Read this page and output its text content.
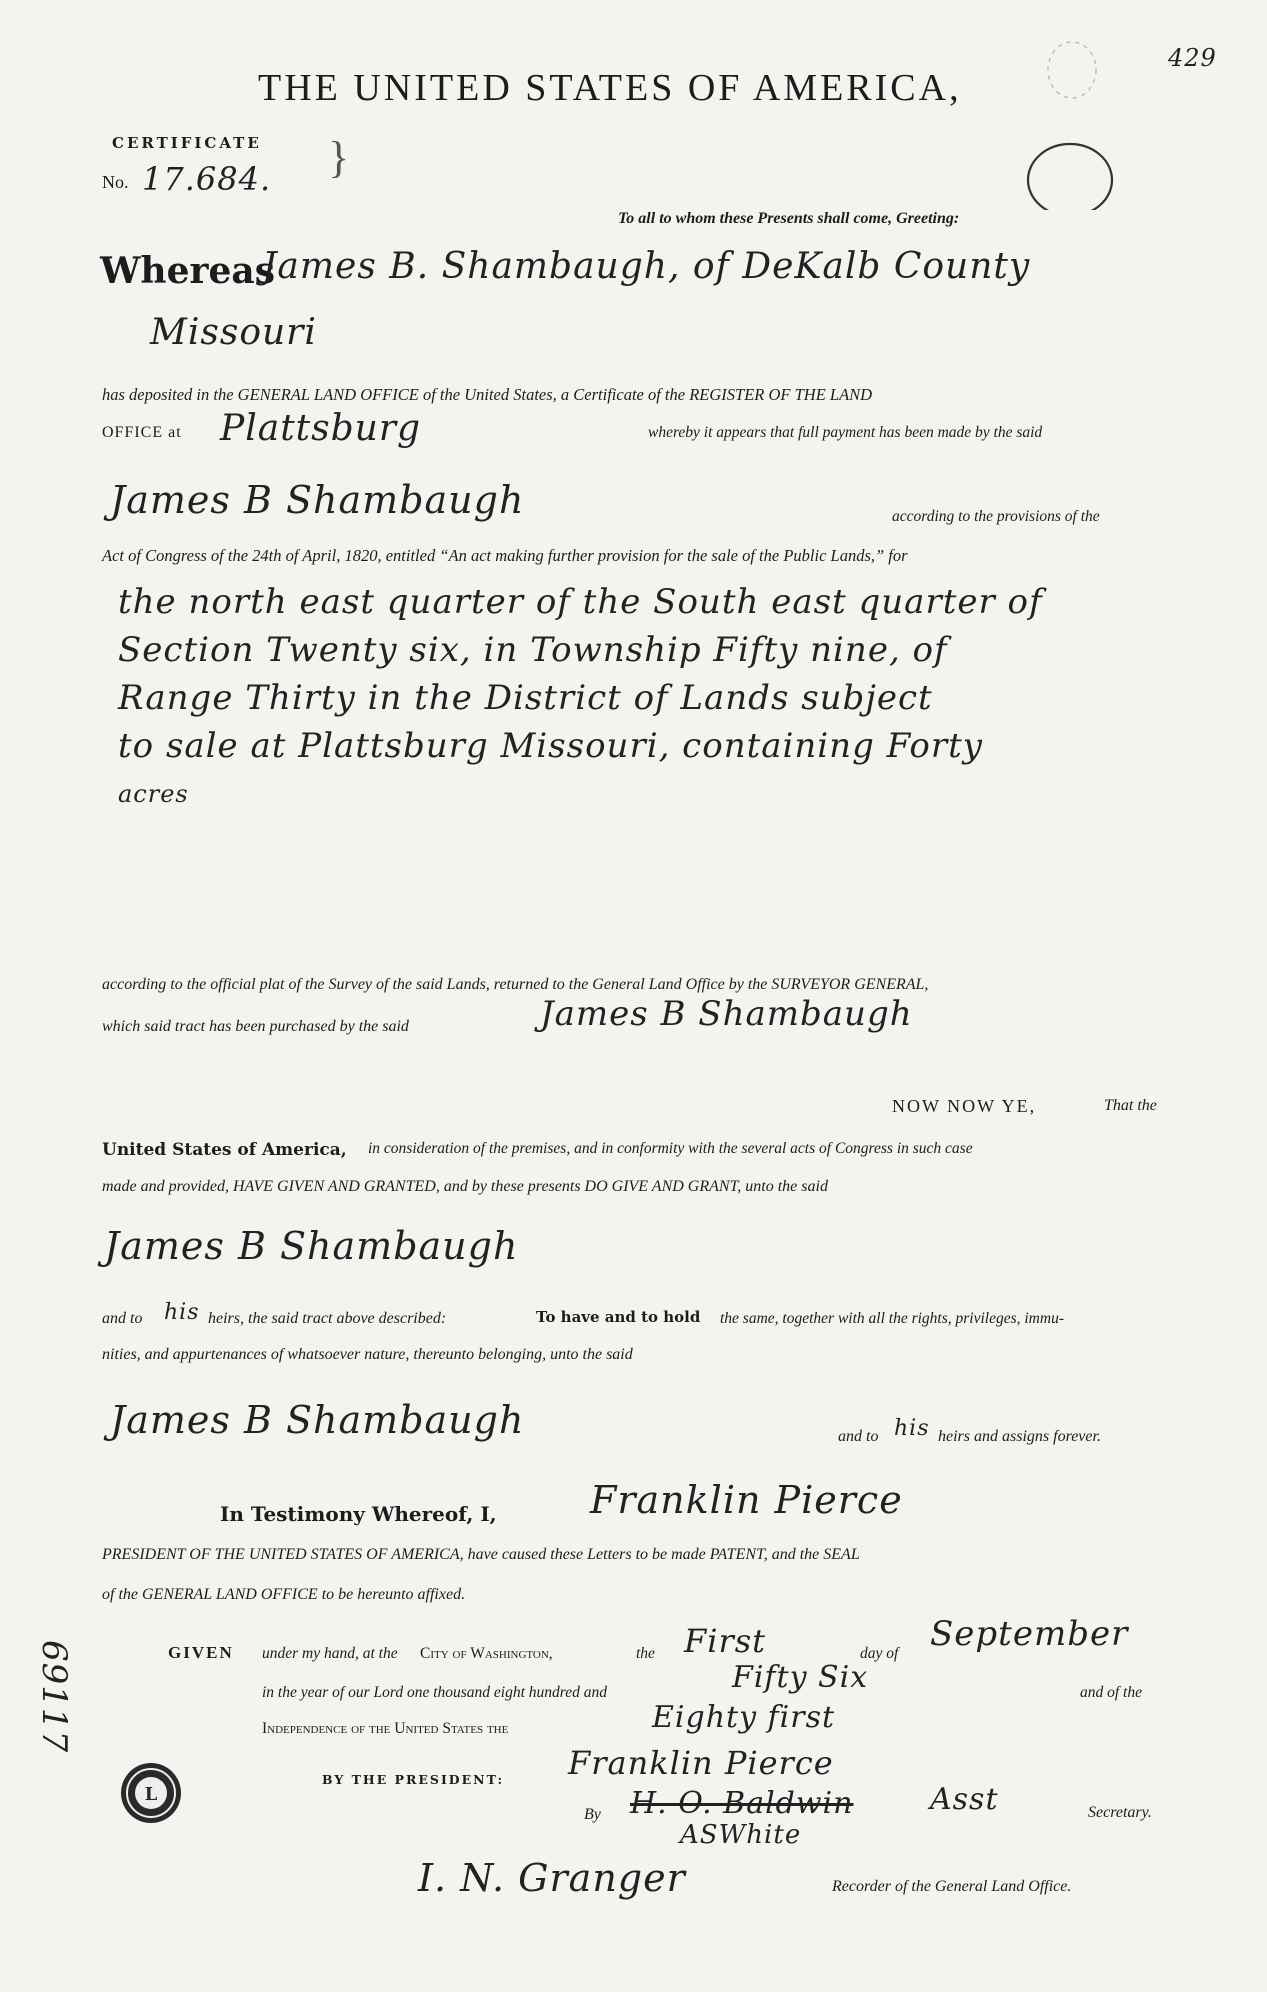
429
THE UNITED STATES OF AMERICA,
CERTIFICATE
No. 17.684. }
To all to whom these Presents shall come, Greeting:
Whereas
James B. Shambaugh, of DeKalb County
Missouri
has deposited in the GENERAL LAND OFFICE of the United States, a Certificate of the REGISTER OF THE LAND
OFFICE at Plattsburg	whereby it appears that full payment has been made by the said
James B Shambaugh	according to the provisions of the
Act of Congress of the 24th of April, 1820, entitled “An act making further provision for the sale of the Public Lands,” for
the north east quarter of the South east quarter of
Section Twenty six, in Township Fifty nine, of
Range Thirty in the District of Lands subject
to sale at Plattsburg Missouri, containing Forty
acres
according to the official plat of the Survey of the said Lands, returned to the General Land Office by the SURVEYOR GENERAL,
which said tract has been purchased by the said	James B Shambaugh
NOW NOW YE,	That the
United States of America, in consideration of the premises, and in conformity with the several acts of Congress in such case
made and provided, HAVE GIVEN AND GRANTED, and by these presents DO GIVE AND GRANT, unto the said
James B Shambaugh
and to his heirs, the said tract above described:	To have and to hold the same, together with all the rights, privileges, immu-
nities, and appurtenances of whatsoever nature, thereunto belonging, unto the said
James B Shambaugh	and to his heirs and assigns forever.
In Testimony Whereof, I, Franklin Pierce
PRESIDENT OF THE UNITED STATES OF AMERICA, have caused these Letters to be made PATENT, and the SEAL
of the GENERAL LAND OFFICE to be hereunto affixed.
GIVEN under my hand, at the City of Washington,	the First	day of September
in the year of our Lord one thousand eight hundred and	Fifty Six	and of the
Independence of the United States the	Eighty first
L
BY THE PRESIDENT: Franklin Pierce
By H. O. Baldwin	Asst	Secretary.
ASWhite
I. N. Granger	Recorder of the General Land Office.
69117
